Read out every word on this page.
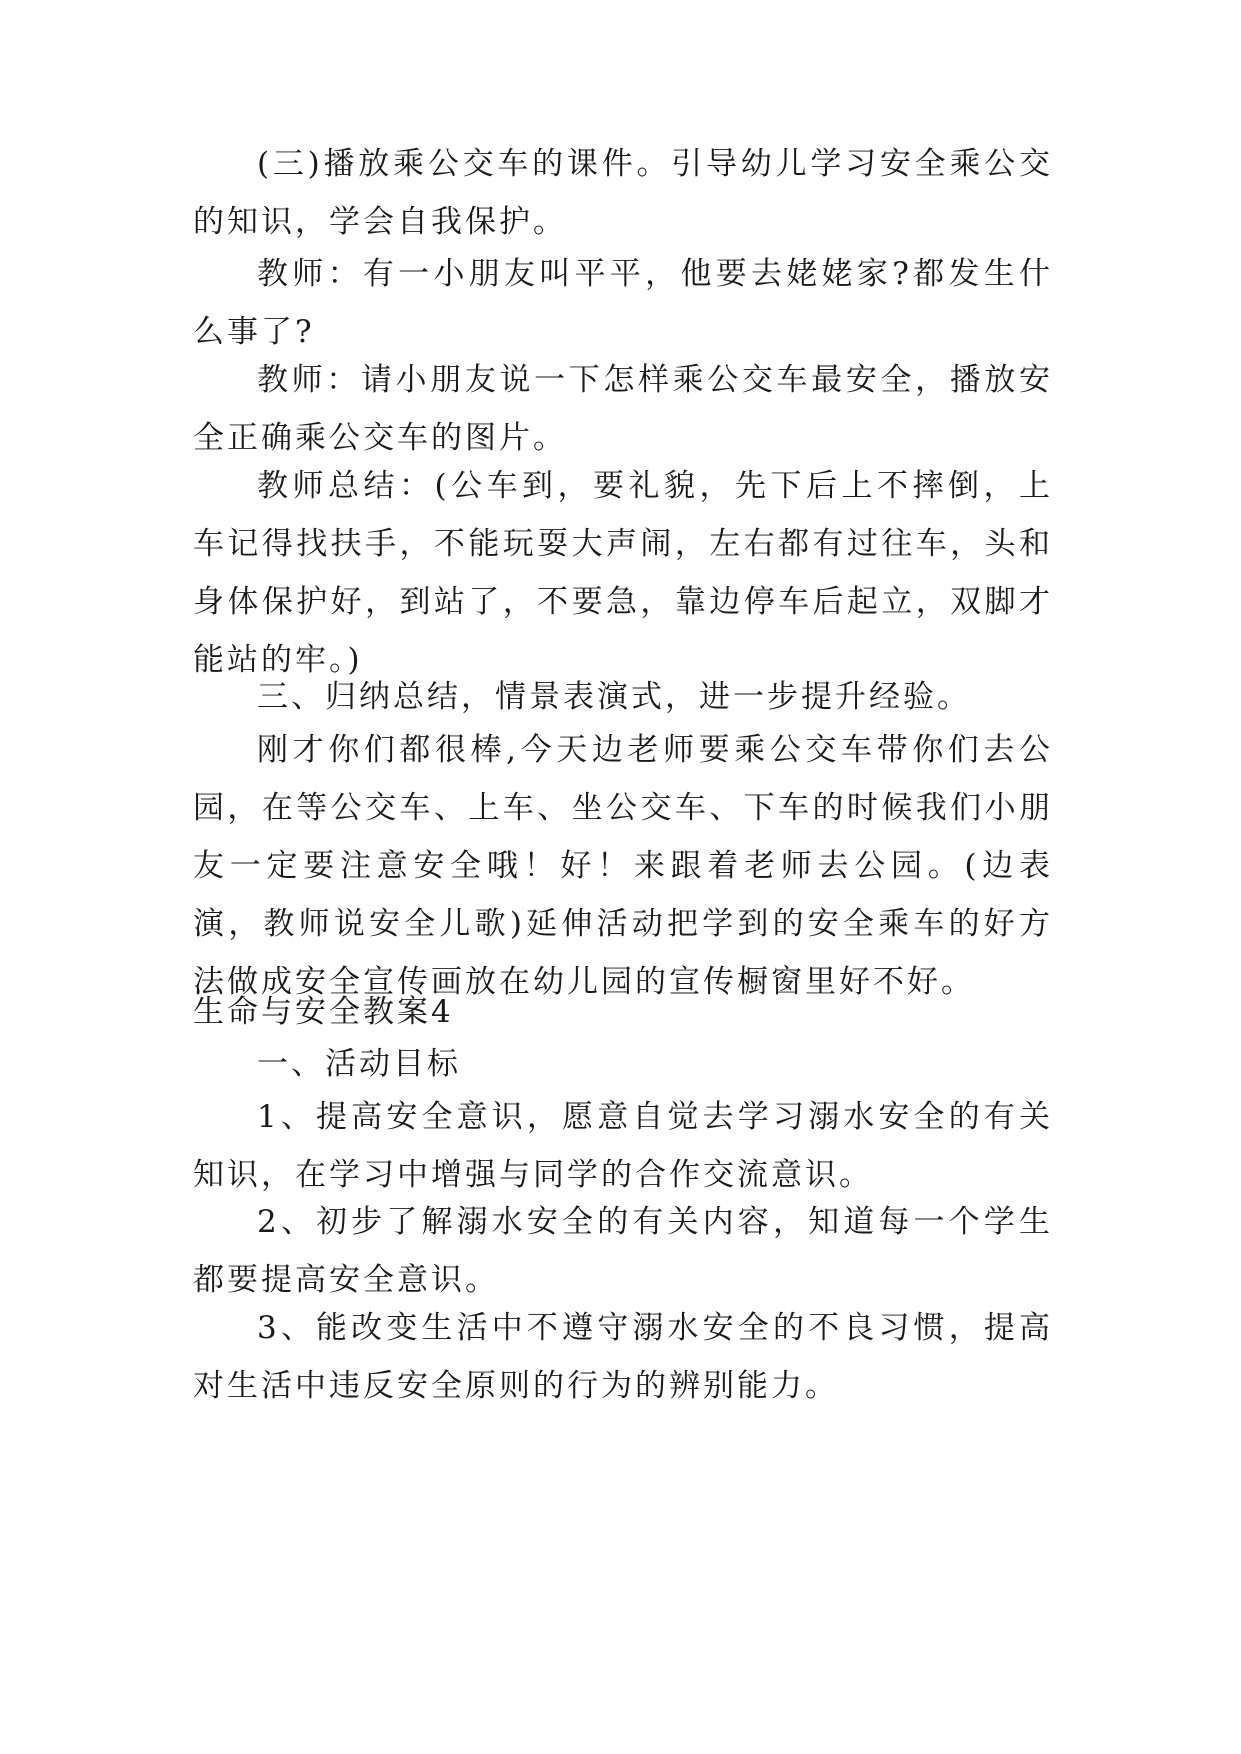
(三)播放乘公交车的课件。引导幼儿学习安全乘公交的知识，学会自我保护。

教师：有一小朋友叫平平，他要去姥姥家?都发生什么事了?

教师：请小朋友说一下怎样乘公交车最安全，播放安全正确乘公交车的图片。

教师总结：(公车到，要礼貌，先下后上不摔倒，上车记得找扶手，不能玩耍大声闹，左右都有过往车，头和身体保护好，到站了，不要急，靠边停车后起立，双脚才能站的牢。)

三、归纳总结，情景表演式，进一步提升经验。

刚才你们都很棒,今天边老师要乘公交车带你们去公园，在等公交车、上车、坐公交车、下车的时候我们小朋友一定要注意安全哦！好！来跟着老师去公园。(边表演，教师说安全儿歌)延伸活动把学到的安全乘车的好方法做成安全宣传画放在幼儿园的宣传橱窗里好不好。

生命与安全教案4

一、活动目标

1、提高安全意识，愿意自觉去学习溺水安全的有关知识，在学习中增强与同学的合作交流意识。

2、初步了解溺水安全的有关内容，知道每一个学生都要提高安全意识。

3、能改变生活中不遵守溺水安全的不良习惯，提高对生活中违反安全原则的行为的辨别能力。
